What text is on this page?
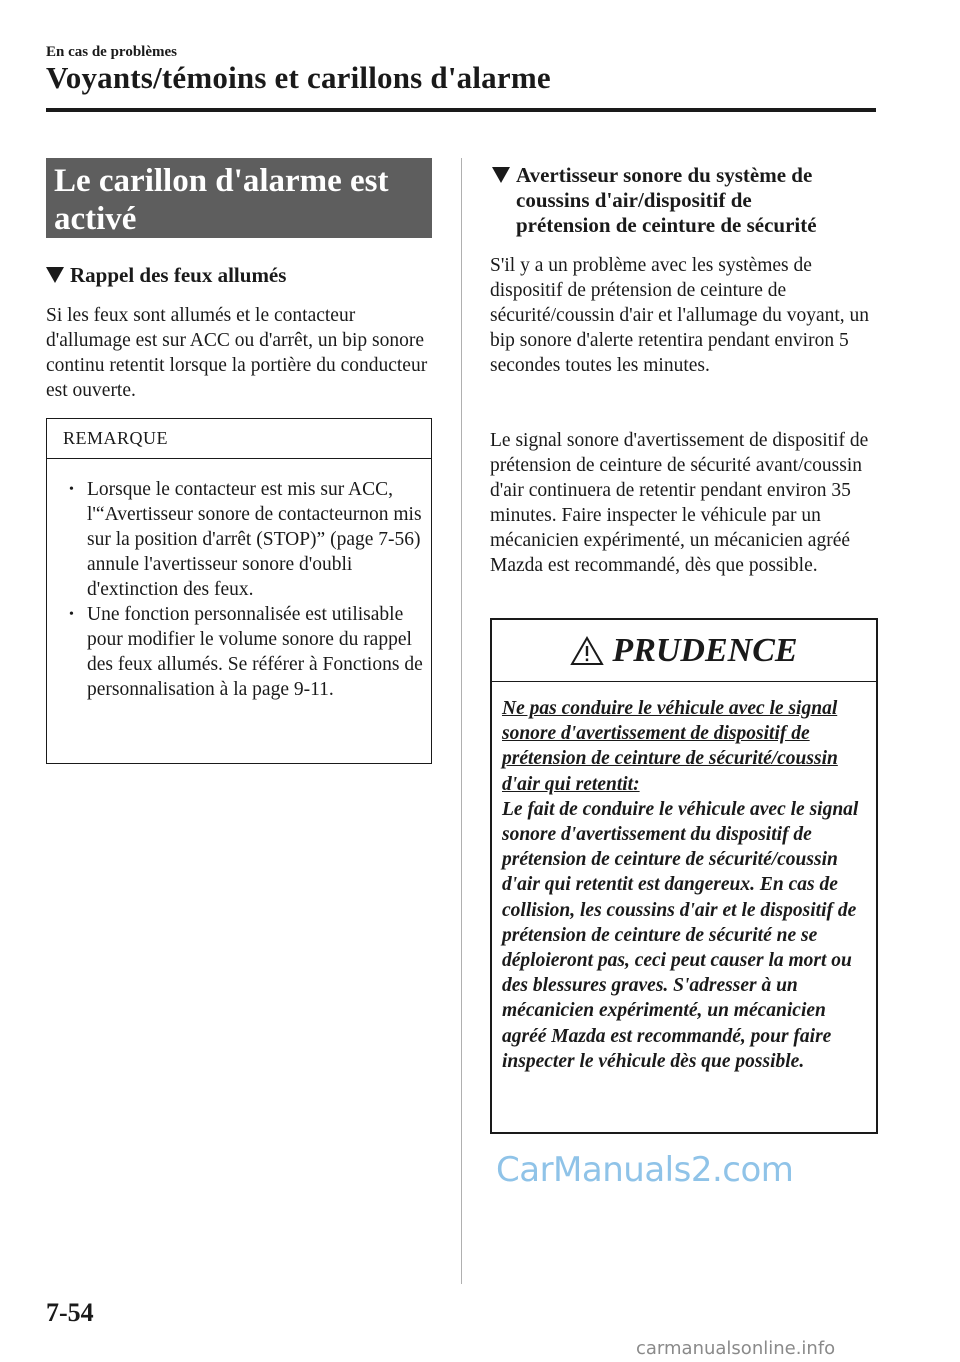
En cas de problèmes
Voyants/témoins et carillons d'alarme
Le carillon d'alarme est activé
Rappel des feux allumés
Si les feux sont allumés et le contacteur d'allumage est sur ACC ou d'arrêt, un bip sonore continu retentit lorsque la portière du conducteur est ouverte.
REMARQUE
• Lorsque le contacteur est mis sur ACC, l'“Avertisseur sonore de contacteurnon mis sur la position d'arrêt (STOP)” (page 7-56) annule l'avertisseur sonore d'oubli d'extinction des feux.
• Une fonction personnalisée est utilisable pour modifier le volume sonore du rappel des feux allumés. Se référer à Fonctions de personnalisation à la page 9-11.
Avertisseur sonore du système de
coussins d'air/dispositif de
prétension de ceinture de sécurité
S'il y a un problème avec les systèmes de dispositif de prétension de ceinture de sécurité/coussin d'air et l'allumage du voyant, un bip sonore d'alerte retentira pendant environ 5 secondes toutes les minutes.
Le signal sonore d'avertissement de dispositif de prétension de ceinture de sécurité avant/coussin d'air continuera de retentir pendant environ 35 minutes. Faire inspecter le véhicule par un mécanicien expérimenté, un mécanicien agréé Mazda est recommandé, dès que possible.
PRUDENCE
Ne pas conduire le véhicule avec le signal sonore d'avertissement de dispositif de prétension de ceinture de sécurité/coussin d'air qui retentit:
Le fait de conduire le véhicule avec le signal sonore d'avertissement du dispositif de prétension de ceinture de sécurité/coussin d'air qui retentit est dangereux. En cas de collision, les coussins d'air et le dispositif de prétension de ceinture de sécurité ne se déploieront pas, ceci peut causer la mort ou des blessures graves. S'adresser à un mécanicien expérimenté, un mécanicien agréé Mazda est recommandé, pour faire inspecter le véhicule dès que possible.
CarManuals2.com
7-54
carmanualsonline.info
